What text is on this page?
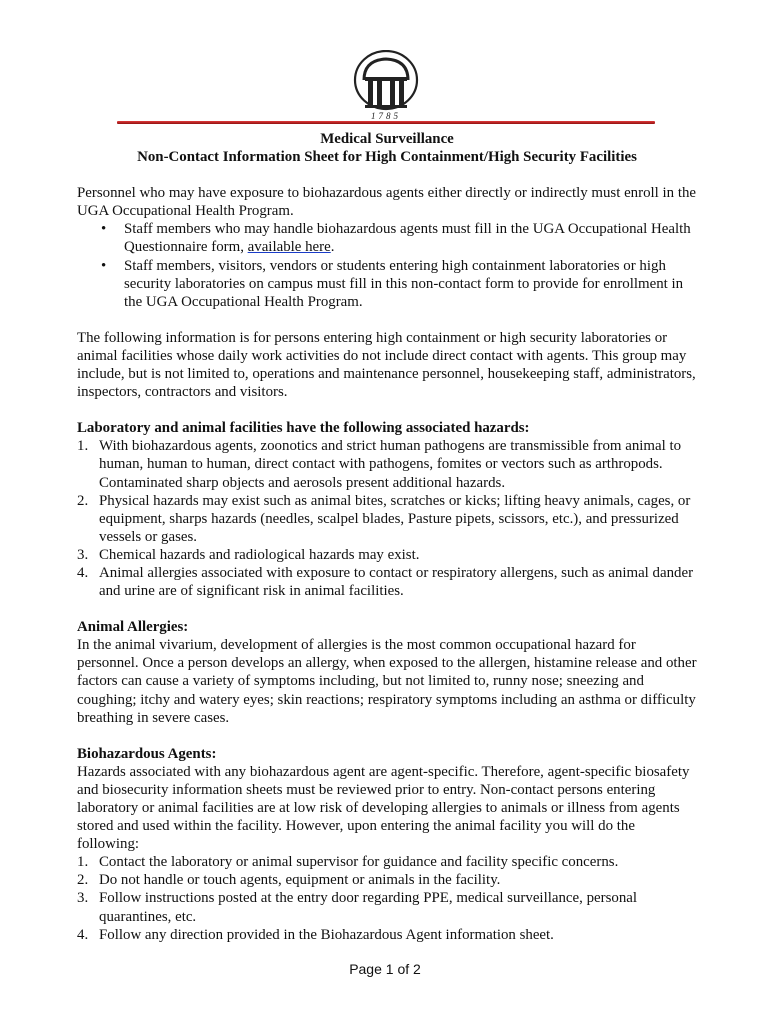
1785

Medical Surveillance

Non-Contact Information Sheet for High Containment/High Security Facilities

Personnel who may have exposure to biohazardous agents either directly or indirectly must enroll in the UGA Occupational Health Program.

• Staff members who may handle biohazardous agents must fill in the UGA Occupational Health Questionnaire form, available here.
• Staff members, visitors, vendors or students entering high containment laboratories or high security laboratories on campus must fill in this non-contact form to provide for enrollment in the UGA Occupational Health Program.

The following information is for persons entering high containment or high security laboratories or animal facilities whose daily work activities do not include direct contact with agents. This group may include, but is not limited to, operations and maintenance personnel, housekeeping staff, administrators, inspectors, contractors and visitors.

Laboratory and animal facilities have the following associated hazards:

1. With biohazardous agents, zoonotics and strict human pathogens are transmissible from animal to human, human to human, direct contact with pathogens, fomites or vectors such as arthropods. Contaminated sharp objects and aerosols present additional hazards.
2. Physical hazards may exist such as animal bites, scratches or kicks; lifting heavy animals, cages, or equipment, sharps hazards (needles, scalpel blades, Pasture pipets, scissors, etc.), and pressurized vessels or gases.
3. Chemical hazards and radiological hazards may exist.
4. Animal allergies associated with exposure to contact or respiratory allergens, such as animal dander and urine are of significant risk in animal facilities.

Animal Allergies:

In the animal vivarium, development of allergies is the most common occupational hazard for personnel. Once a person develops an allergy, when exposed to the allergen, histamine release and other factors can cause a variety of symptoms including, but not limited to, runny nose; sneezing and coughing; itchy and watery eyes; skin reactions; respiratory symptoms including an asthma or difficulty breathing in severe cases.

Biohazardous Agents:

Hazards associated with any biohazardous agent are agent-specific. Therefore, agent-specific biosafety and biosecurity information sheets must be reviewed prior to entry. Non-contact persons entering laboratory or animal facilities are at low risk of developing allergies to animals or illness from agents stored and used within the facility. However, upon entering the animal facility you will do the following:

1. Contact the laboratory or animal supervisor for guidance and facility specific concerns.
2. Do not handle or touch agents, equipment or animals in the facility.
3. Follow instructions posted at the entry door regarding PPE, medical surveillance, personal quarantines, etc.
4. Follow any direction provided in the Biohazardous Agent information sheet.
Page 1 of 2
